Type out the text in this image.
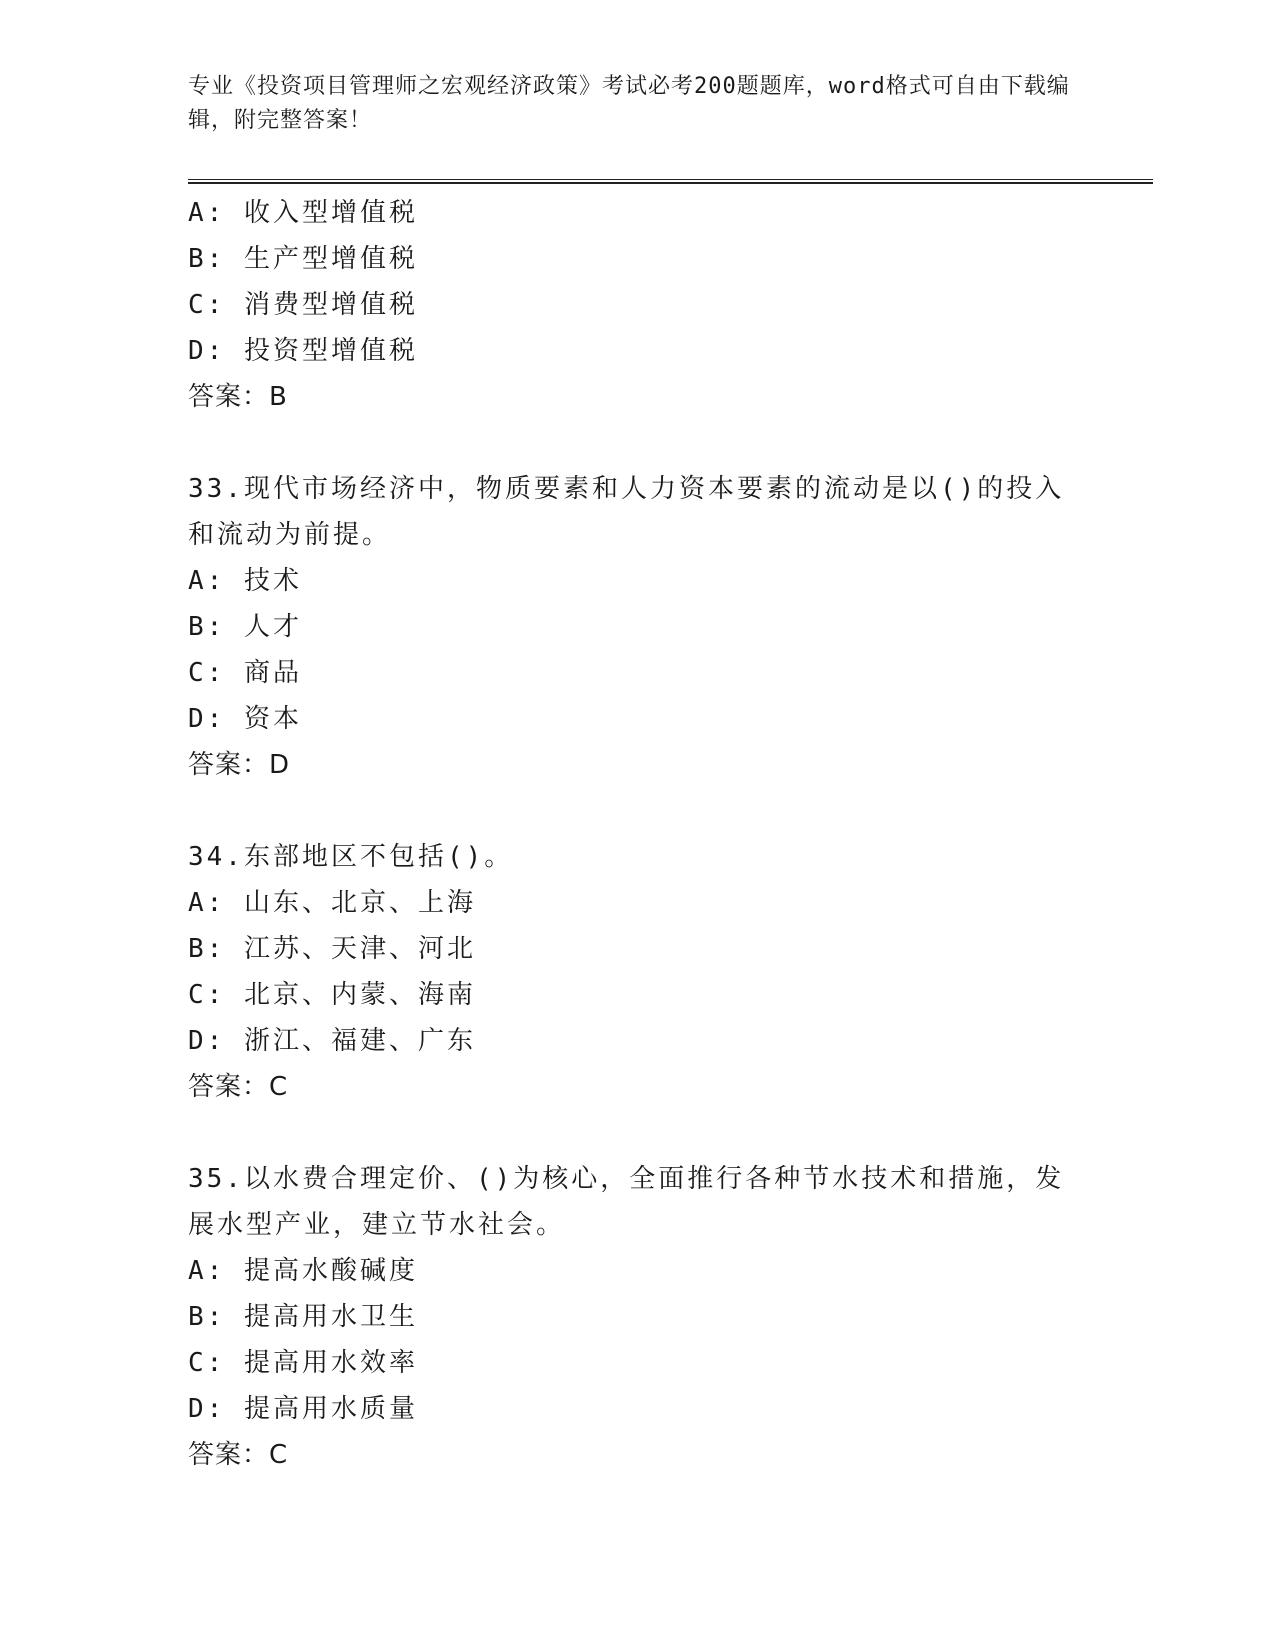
专业《投资项目管理师之宏观经济政策》考试必考200题题库，word格式可自由下载编辑，附完整答案！

A: 收入型增值税

B: 生产型增值税

C: 消费型增值税

D: 投资型增值税

答案：B

33.现代市场经济中，物质要素和人力资本要素的流动是以()的投入和流动为前提。

A: 技术

B: 人才

C: 商品

D: 资本

答案：D

34.东部地区不包括()。

A: 山东、北京、上海

B: 江苏、天津、河北

C: 北京、内蒙、海南

D: 浙江、福建、广东

答案：C

35.以水费合理定价、()为核心，全面推行各种节水技术和措施，发展水型产业，建立节水社会。

A: 提高水酸碱度

B: 提高用水卫生

C: 提高用水效率

D: 提高用水质量

答案：C
